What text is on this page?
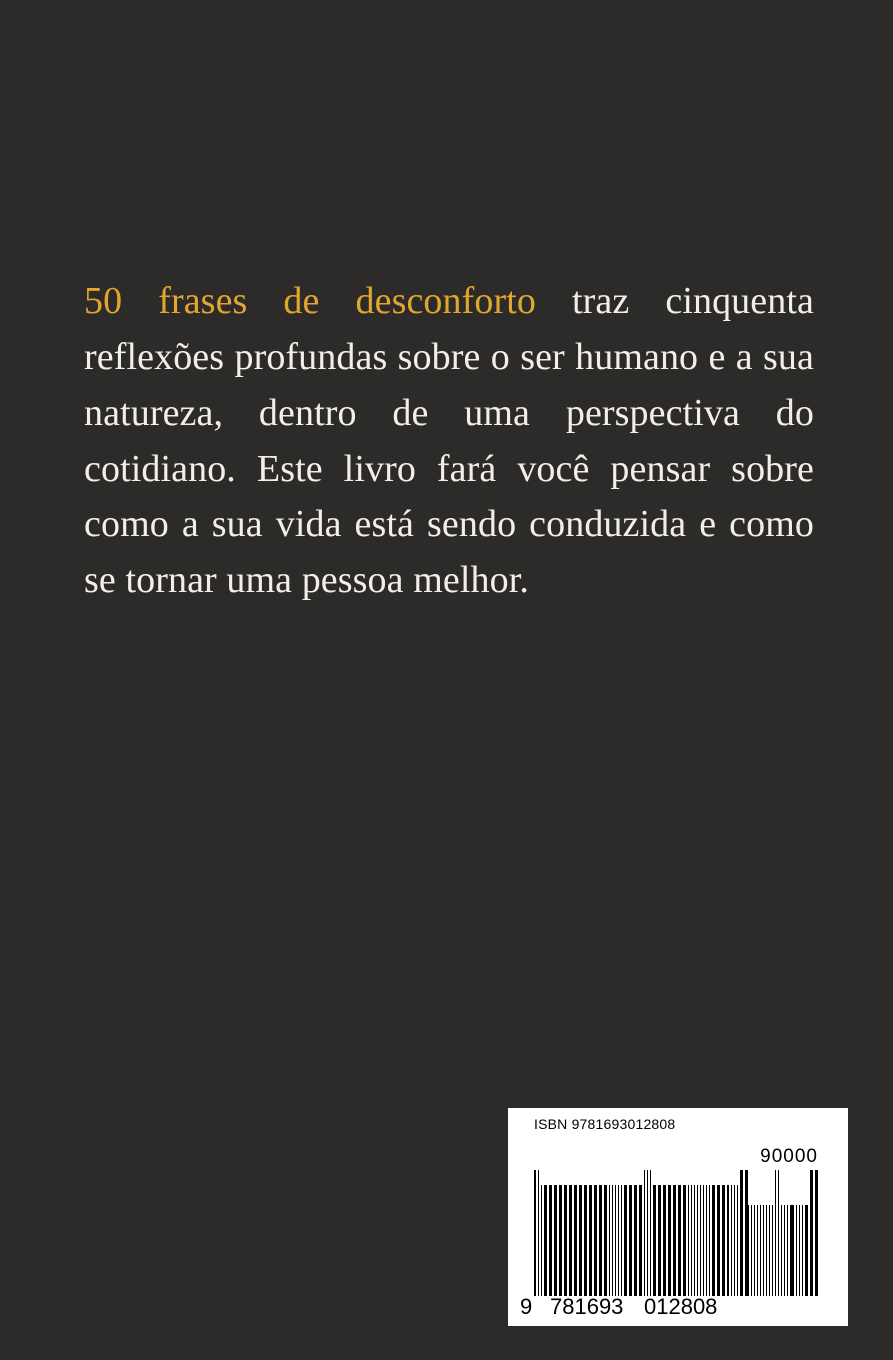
50 frases de desconforto traz cinquenta reflexões profundas sobre o ser humano e a sua natureza, dentro de uma perspectiva do cotidiano. Este livro fará você pensar sobre como a sua vida está sendo conduzida e como se tornar uma pessoa melhor.

ISBN 9781693012808
90000
9 781693 012808
